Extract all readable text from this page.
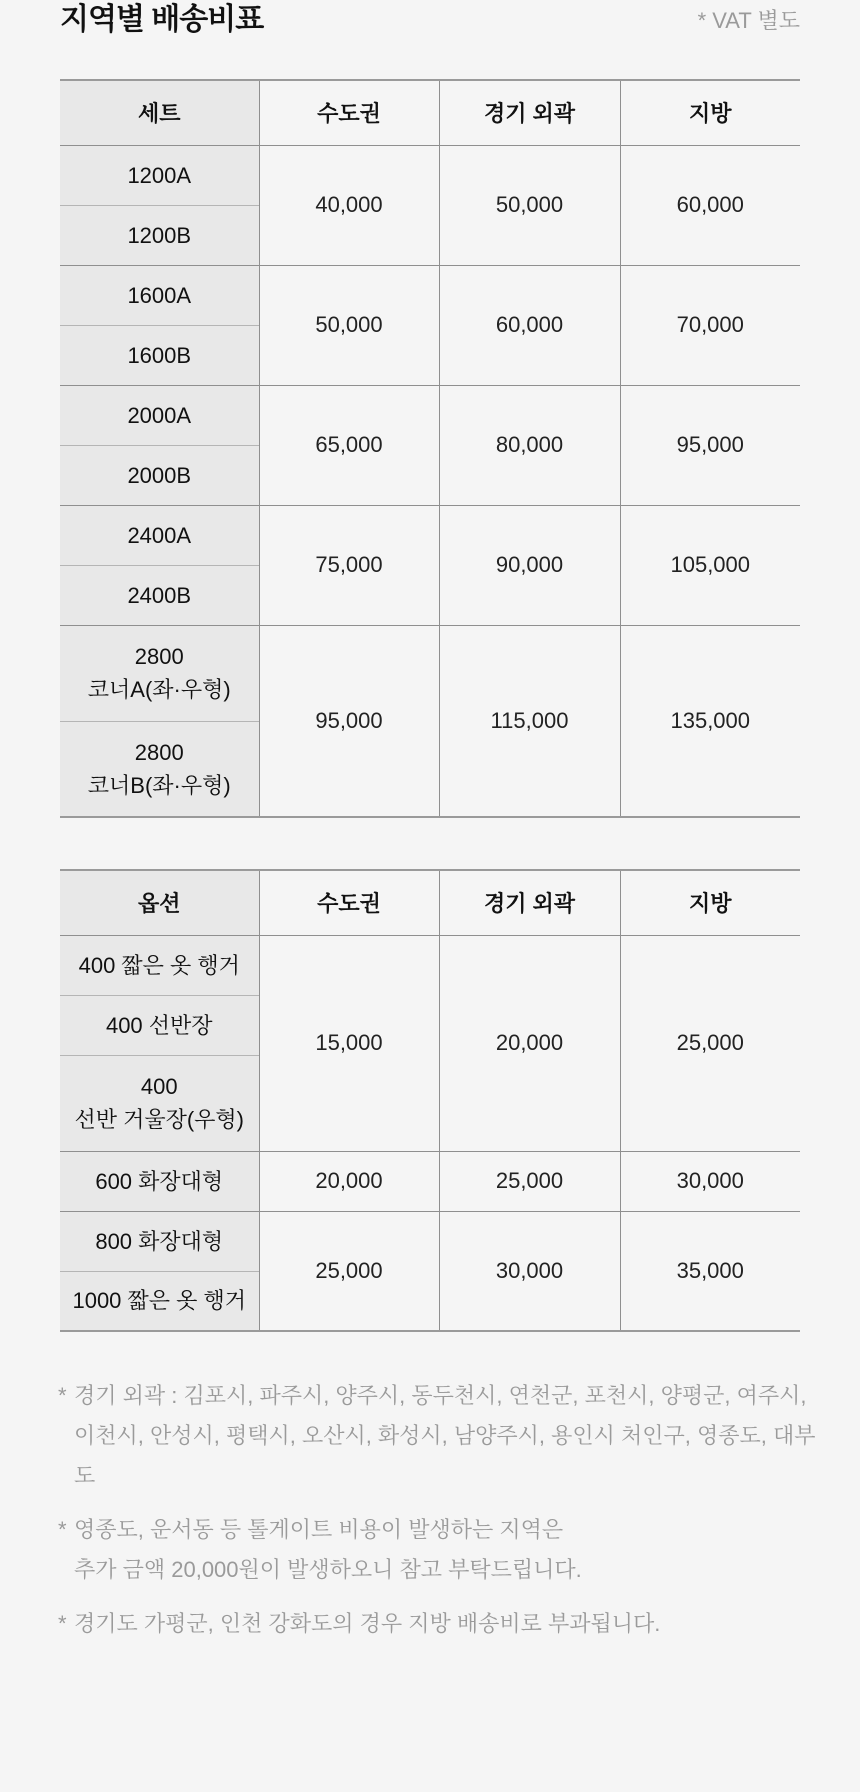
지역별 배송비표	* VAT 별도
세트	수도권	경기 외곽	지방

1200A	40,000	50,000	60,000

1200B			

1600A	50,000	60,000	70,000

1600B			

2000A	65,000	80,000	95,000

2000B			

2400A	75,000	90,000	105,000

2400B			

2800
코너A(좌·우형)	95,000	115,000	135,000

2800
코너B(좌·우형)			
옵션	수도권	경기 외곽	지방

400 짧은 옷 행거	15,000	20,000	25,000

400 선반장			

400
선반 거울장(우형)			

600 화장대형	20,000	25,000	30,000

800 화장대형	25,000	30,000	35,000

1000 짧은 옷 행거			
* 경기 외곽 : 김포시, 파주시, 양주시, 동두천시, 연천군, 포천시, 양평군, 여주시,
이천시, 안성시, 평택시, 오산시, 화성시, 남양주시, 용인시 처인구, 영종도, 대부도
* 영종도, 운서동 등 톨게이트 비용이 발생하는 지역은
추가 금액 20,000원이 발생하오니 참고 부탁드립니다.
* 경기도 가평군, 인천 강화도의 경우 지방 배송비로 부과됩니다.
